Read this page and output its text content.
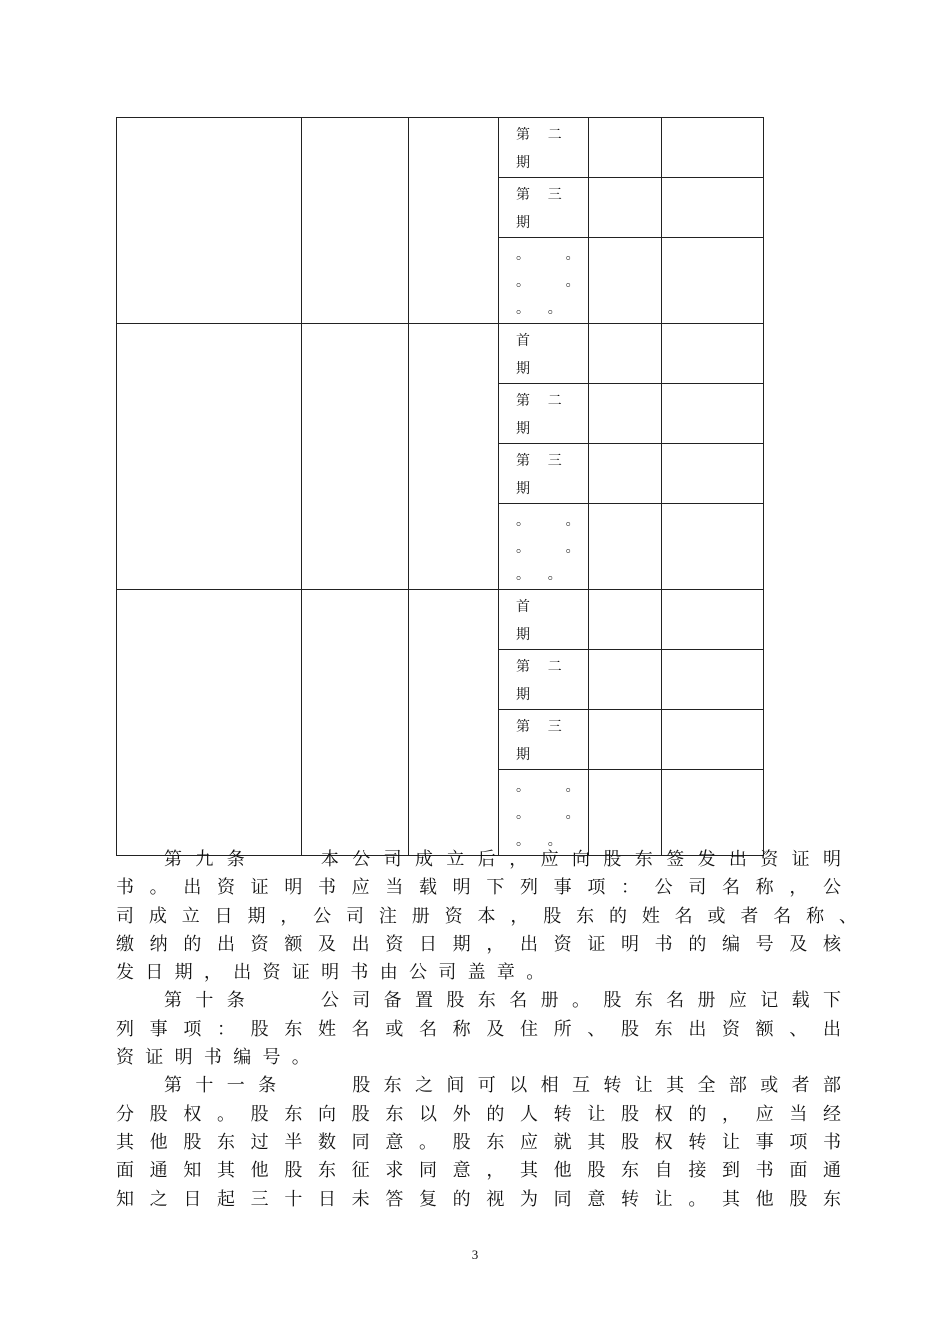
			第    二
期		

			第    三
期		

			。        。
。        。
。    。		

			首
期		

			第    二
期		

			第    三
期		

			。        。
。        。
。    。		

			首
期		

			第    二
期		

			第    三
期		

			。        。
。        。
。    。		

第九条　　本公司成立后，应向股东签发出资证明
书。出资证明书应当载明下列事项：公司名称，公
司成立日期，公司注册资本，股东的姓名或者名称、
缴纳的出资额及出资日期，出资证明书的编号及核
发日期，出资证明书由公司盖章。
第十条　　公司备置股东名册。股东名册应记载下
列事项：股东姓名或名称及住所、股东出资额、出
资证明书编号。
第十一条　　股东之间可以相互转让其全部或者部
分股权。股东向股东以外的人转让股权的，应当经
其他股东过半数同意。股东应就其股权转让事项书
面通知其他股东征求同意，其他股东自接到书面通
知之日起三十日未答复的视为同意转让。其他股东
3
